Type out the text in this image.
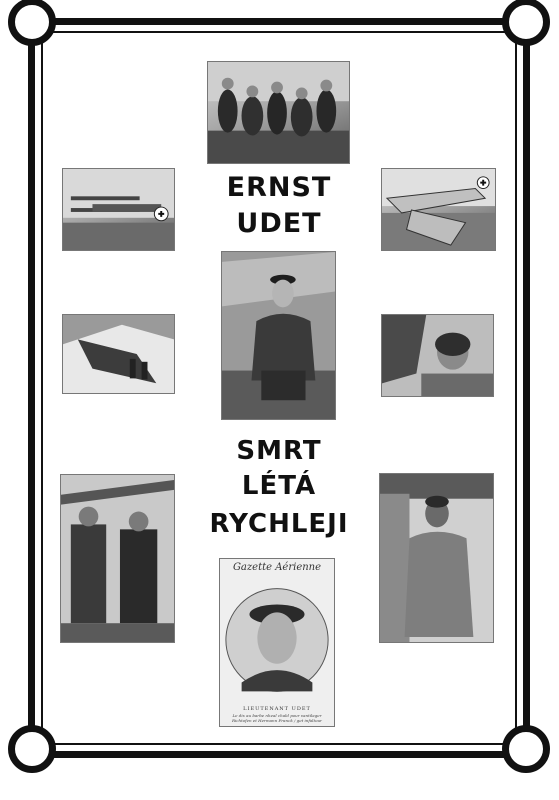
Gazette Aérienne
LIEUTENANT UDET
Le dix au barbe nheal chald pour vantilager Richtofen et Hermann Franck / get infaltour
ERNST
UDET
SMRT
LÉTÁ
RYCHLEJI
